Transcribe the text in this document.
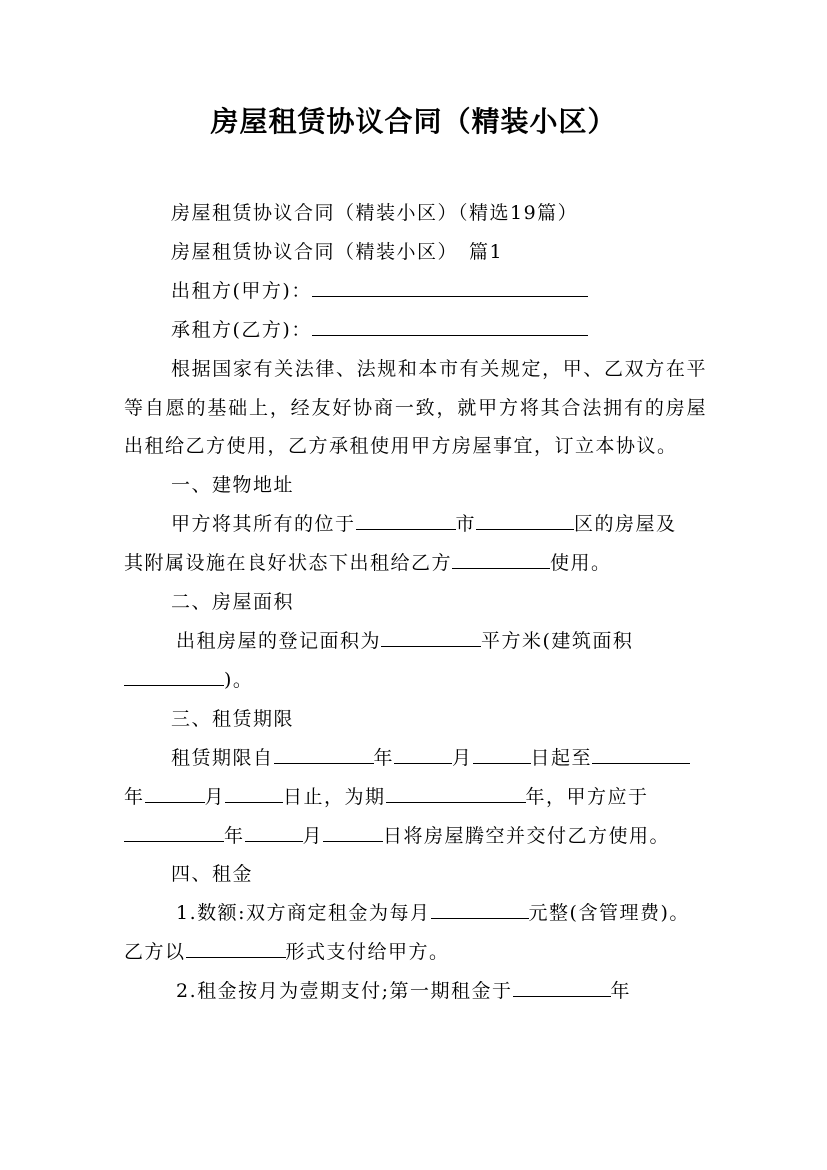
房屋租赁协议合同（精装小区）
房屋租赁协议合同（精装小区）（精选19篇）
房屋租赁协议合同（精装小区）　篇1
出租方(甲方)：
承租方(乙方)：
根据国家有关法律、法规和本市有关规定，甲、乙双方在平等自愿的基础上，经友好协商一致，就甲方将其合法拥有的房屋出租给乙方使用，乙方承租使用甲方房屋事宜，订立本协议。
一、建物地址
甲方将其所有的位于	市	区的房屋及
其附属设施在良好状态下出租给乙方	使用。
二、房屋面积
出租房屋的登记面积为	平方米(建筑面积
)。
三、租赁期限
租赁期限自	年	月	日起至
年	月	日止，为期	年，甲方应于
年	月	日将房屋腾空并交付乙方使用。
四、租金
1.数额:双方商定租金为每月	元整(含管理费)。
乙方以	形式支付给甲方。
2.租金按月为壹期支付;第一期租金于	年
